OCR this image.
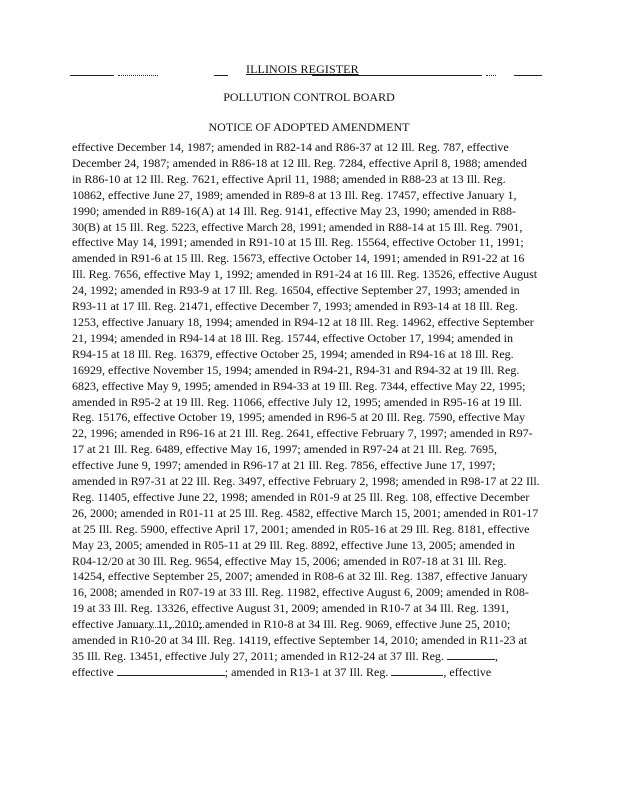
ILLINOIS REGISTER
POLLUTION CONTROL BOARD
NOTICE OF ADOPTED AMENDMENT
effective December 14, 1987; amended in R82-14 and R86-37 at 12 Ill. Reg. 787, effective
December 24, 1987; amended in R86-18 at 12 Ill. Reg. 7284, effective April 8, 1988; amended
in R86-10 at 12 Ill. Reg. 7621, effective April 11, 1988; amended in R88-23 at 13 Ill. Reg.
10862, effective June 27, 1989; amended in R89-8 at 13 Ill. Reg. 17457, effective January 1,
1990; amended in R89-16(A) at 14 Ill. Reg. 9141, effective May 23, 1990; amended in R88-
30(B) at 15 Ill. Reg. 5223, effective March 28, 1991; amended in R88-14 at 15 Ill. Reg. 7901,
effective May 14, 1991; amended in R91-10 at 15 Ill. Reg. 15564, effective October 11, 1991;
amended in R91-6 at 15 Ill. Reg. 15673, effective October 14, 1991; amended in R91-22 at 16
Ill. Reg. 7656, effective May 1, 1992; amended in R91-24 at 16 Ill. Reg. 13526, effective August
24, 1992; amended in R93-9 at 17 Ill. Reg. 16504, effective September 27, 1993; amended in
R93-11 at 17 Ill. Reg. 21471, effective December 7, 1993; amended in R93-14 at 18 Ill. Reg.
1253, effective January 18, 1994; amended in R94-12 at 18 Ill. Reg. 14962, effective September
21, 1994; amended in R94-14 at 18 Ill. Reg. 15744, effective October 17, 1994; amended in
R94-15 at 18 Ill. Reg. 16379, effective October 25, 1994; amended in R94-16 at 18 Ill. Reg.
16929, effective November 15, 1994; amended in R94-21, R94-31 and R94-32 at 19 Ill. Reg.
6823, effective May 9, 1995; amended in R94-33 at 19 Ill. Reg. 7344, effective May 22, 1995;
amended in R95-2 at 19 Ill. Reg. 11066, effective July 12, 1995; amended in R95-16 at 19 Ill.
Reg. 15176, effective October 19, 1995; amended in R96-5 at 20 Ill. Reg. 7590, effective May
22, 1996; amended in R96-16 at 21 Ill. Reg. 2641, effective February 7, 1997; amended in R97-
17 at 21 Ill. Reg. 6489, effective May 16, 1997; amended in R97-24 at 21 Ill. Reg. 7695,
effective June 9, 1997; amended in R96-17 at 21 Ill. Reg. 7856, effective June 17, 1997;
amended in R97-31 at 22 Ill. Reg. 3497, effective February 2, 1998; amended in R98-17 at 22 Ill.
Reg. 11405, effective June 22, 1998; amended in R01-9 at 25 Ill. Reg. 108, effective December
26, 2000; amended in R01-11 at 25 Ill. Reg. 4582, effective March 15, 2001; amended in R01-17
at 25 Ill. Reg. 5900, effective April 17, 2001; amended in R05-16 at 29 Ill. Reg. 8181, effective
May 23, 2005; amended in R05-11 at 29 Ill. Reg. 8892, effective June 13, 2005; amended in
R04-12/20 at 30 Ill. Reg. 9654, effective May 15, 2006; amended in R07-18 at 31 Ill. Reg.
14254, effective September 25, 2007; amended in R08-6 at 32 Ill. Reg. 1387, effective January
16, 2008; amended in R07-19 at 33 Ill. Reg. 11982, effective August 6, 2009; amended in R08-
19 at 33 Ill. Reg. 13326, effective August 31, 2009; amended in R10-7 at 34 Ill. Reg. 1391,
effective January 11, 2010; amended in R10-8 at 34 Ill. Reg. 9069, effective June 25, 2010;
amended in R10-20 at 34 Ill. Reg. 14119, effective September 14, 2010; amended in R11-23 at
35 Ill. Reg. 13451, effective July 27, 2011; amended in R12-24 at 37 Ill. Reg.	,
effective	; amended in R13-1 at 37 Ill. Reg.	, effective
